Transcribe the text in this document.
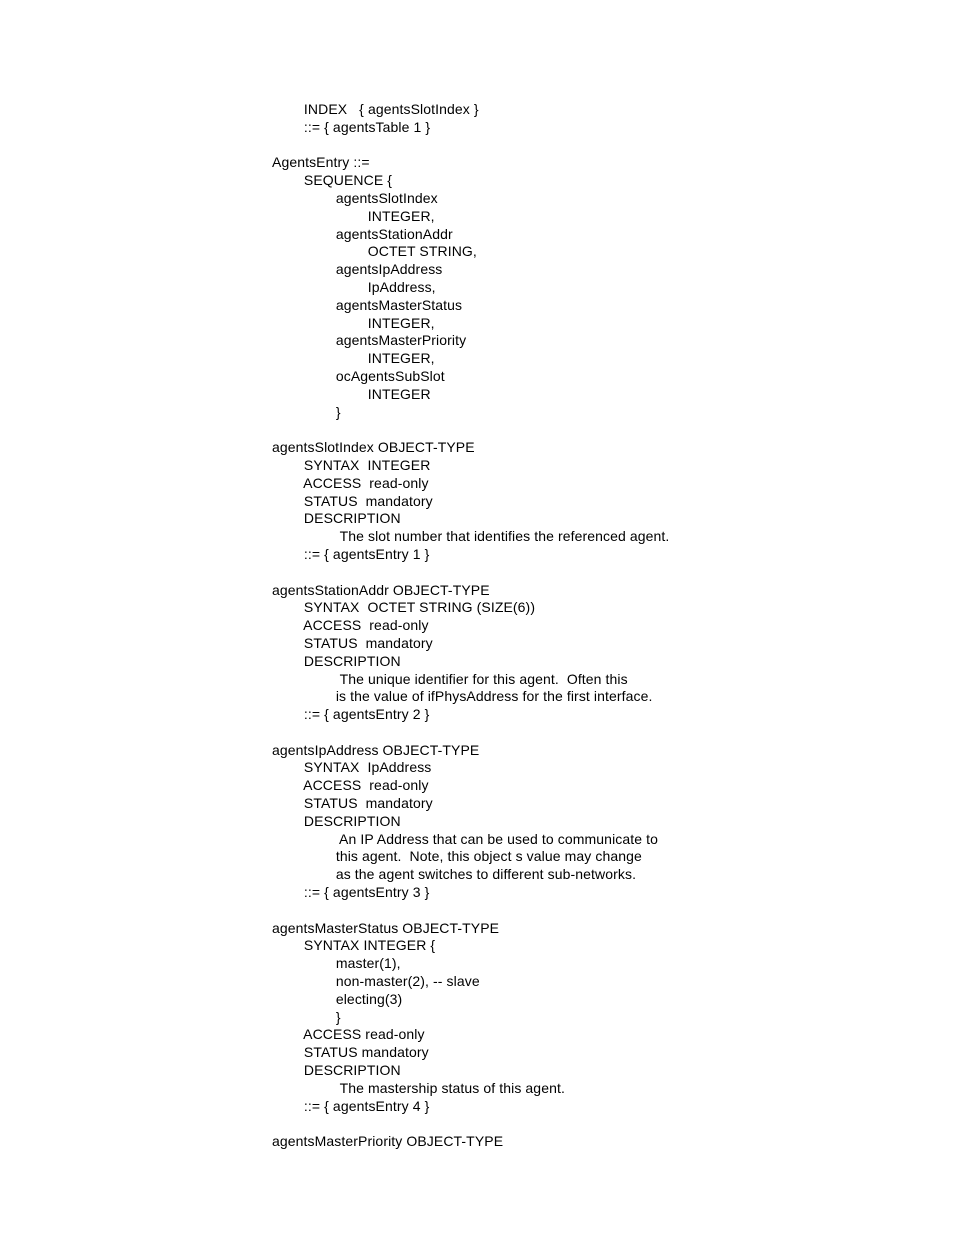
INDEX   { agentsSlotIndex }
::= { agentsTable 1 }

AgentsEntry ::=
SEQUENCE {
agentsSlotIndex
INTEGER,
agentsStationAddr
OCTET STRING,
agentsIpAddress
IpAddress,
agentsMasterStatus
INTEGER,
agentsMasterPriority
INTEGER,
ocAgentsSubSlot
INTEGER
}

agentsSlotIndex OBJECT-TYPE
SYNTAX  INTEGER
ACCESS  read-only
STATUS  mandatory
DESCRIPTION
The slot number that identifies the referenced agent.
::= { agentsEntry 1 }

agentsStationAddr OBJECT-TYPE
SYNTAX  OCTET STRING (SIZE(6))
ACCESS  read-only
STATUS  mandatory
DESCRIPTION
The unique identifier for this agent.  Often this
is the value of ifPhysAddress for the first interface.
::= { agentsEntry 2 }

agentsIpAddress OBJECT-TYPE
SYNTAX  IpAddress
ACCESS  read-only
STATUS  mandatory
DESCRIPTION
An IP Address that can be used to communicate to
this agent.  Note, this object s value may change
as the agent switches to different sub-networks.
::= { agentsEntry 3 }

agentsMasterStatus OBJECT-TYPE
SYNTAX INTEGER {
master(1),
non-master(2), -- slave
electing(3)
}
ACCESS read-only
STATUS mandatory
DESCRIPTION
The mastership status of this agent.
::= { agentsEntry 4 }

agentsMasterPriority OBJECT-TYPE
